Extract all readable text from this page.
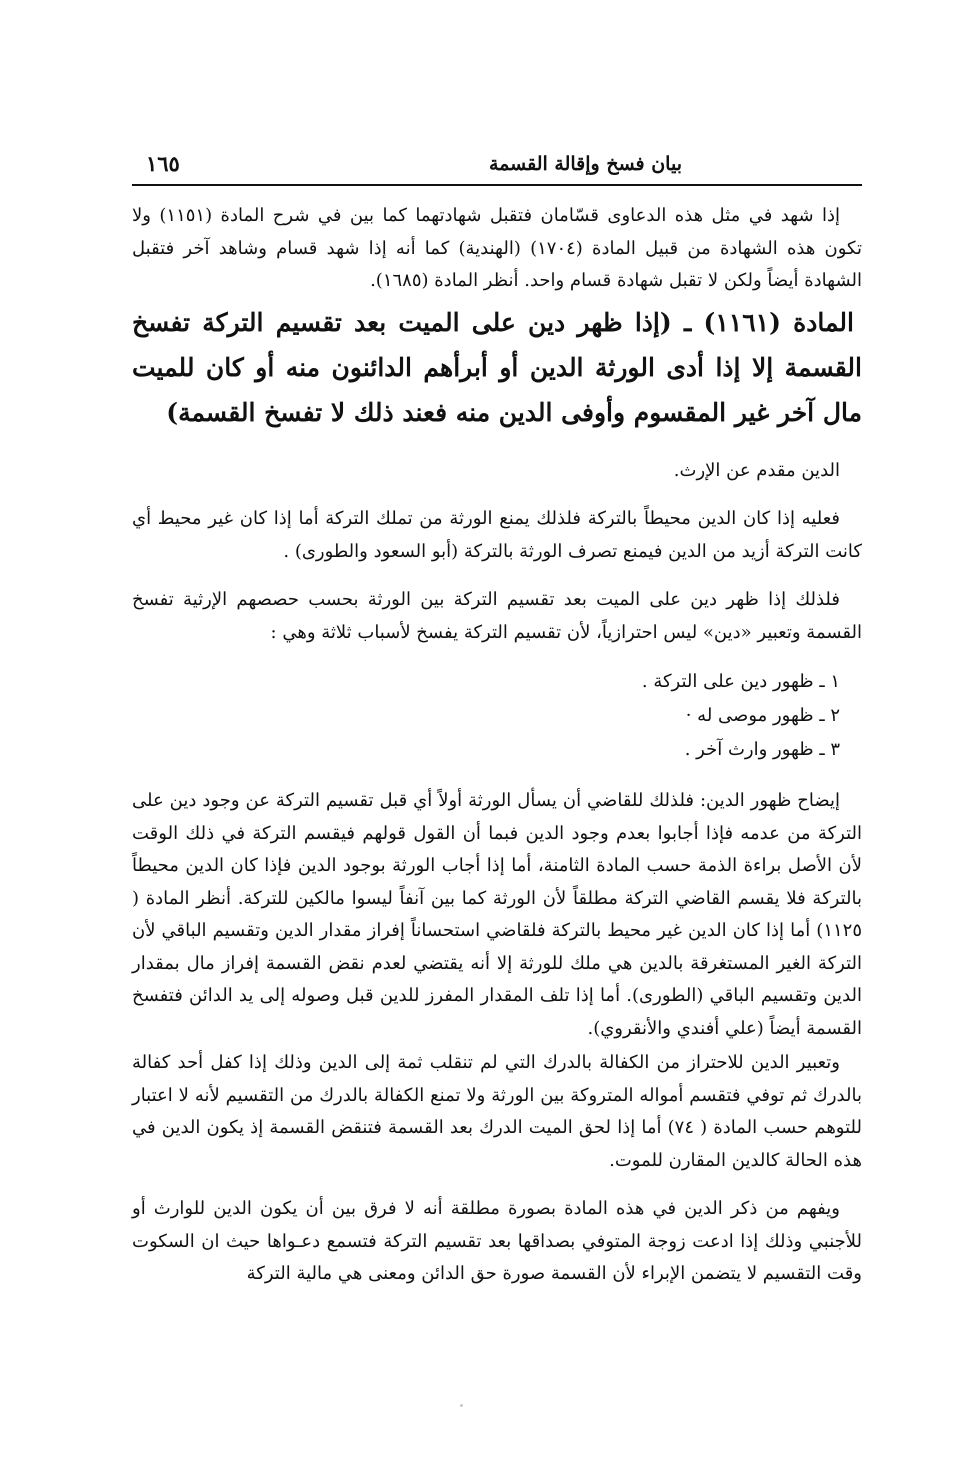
بيان فسخ وإقالة القسمة
١٦٥

إذا شهد في مثل هذه الدعاوى قسّامان فتقبل شهادتهما كما بين في شرح المادة (١١٥١) ولا تكون هذه الشهادة من قبيل المادة (١٧٠٤) (الهندية) كما أنه إذا شهد قسام وشاهد آخر فتقبل الشهادة أيضاً ولكن لا تقبل شهادة قسام واحد. أنظر المادة (١٦٨٥).

المادة (١١٦١) ـ (إذا ظهر دين على الميت بعد تقسيم التركة تفسخ القسمة إلا إذا أدى الورثة الدين أو أبرأهم الدائنون منه أو كان للميت مال آخر غير المقسوم وأوفى الدين منه فعند ذلك لا تفسخ القسمة)

الدين مقدم عن الإرث.

فعليه إذا كان الدين محيطاً بالتركة فلذلك يمنع الورثة من تملك التركة أما إذا كان غير محيط أي كانت التركة أزيد من الدين فيمنع تصرف الورثة بالتركة (أبو السعود والطورى) .

فلذلك إذا ظهر دين على الميت بعد تقسيم التركة بين الورثة بحسب حصصهم الإرثية تفسخ القسمة وتعبير «دين» ليس احترازياً، لأن تقسيم التركة يفسخ لأسباب ثلاثة وهي :

١ ـ ظهور دين على التركة .
٢ ـ ظهور موصى له ·
٣ ـ ظهور وارث آخر .

إيضاح ظهور الدين: فلذلك للقاضي أن يسأل الورثة أولاً أي قبل تقسيم التركة عن وجود دين على التركة من عدمه فإذا أجابوا بعدم وجود الدين فبما أن القول قولهم فيقسم التركة في ذلك الوقت لأن الأصل براءة الذمة حسب المادة الثامنة، أما إذا أجاب الورثة بوجود الدين فإذا كان الدين محيطاً بالتركة فلا يقسم القاضي التركة مطلقاً لأن الورثة كما بين آنفاً ليسوا مالكين للتركة. أنظر المادة ( ١١٢٥) أما إذا كان الدين غير محيط بالتركة فلقاضي استحساناً إفراز مقدار الدين وتقسيم الباقي لأن التركة الغير المستغرقة بالدين هي ملك للورثة إلا أنه يقتضي لعدم نقض القسمة إفراز مال بمقدار الدين وتقسيم الباقي (الطورى). أما إذا تلف المقدار المفرز للدين قبل وصوله إلى يد الدائن فتفسخ القسمة أيضاً (علي أفندي والأنقروي).

وتعبير الدين للاحتراز من الكفالة بالدرك التي لم تنقلب ثمة إلى الدين وذلك إذا كفل أحد كفالة بالدرك ثم توفي فتقسم أمواله المتروكة بين الورثة ولا تمنع الكفالة بالدرك من التقسيم لأنه لا اعتبار للتوهم حسب المادة ( ٧٤) أما إذا لحق الميت الدرك بعد القسمة فتنقض القسمة إذ يكون الدين في هذه الحالة كالدين المقارن للموت.

ويفهم من ذكر الدين في هذه المادة بصورة مطلقة أنه لا فرق بين أن يكون الدين للوارث أو للأجنبي وذلك إذا ادعت زوجة المتوفي بصداقها بعد تقسيم التركة فتسمع دعـواها حيث ان السكوت وقت التقسيم لا يتضمن الإبراء لأن القسمة صورة حق الدائن ومعنى هي مالية التركة
